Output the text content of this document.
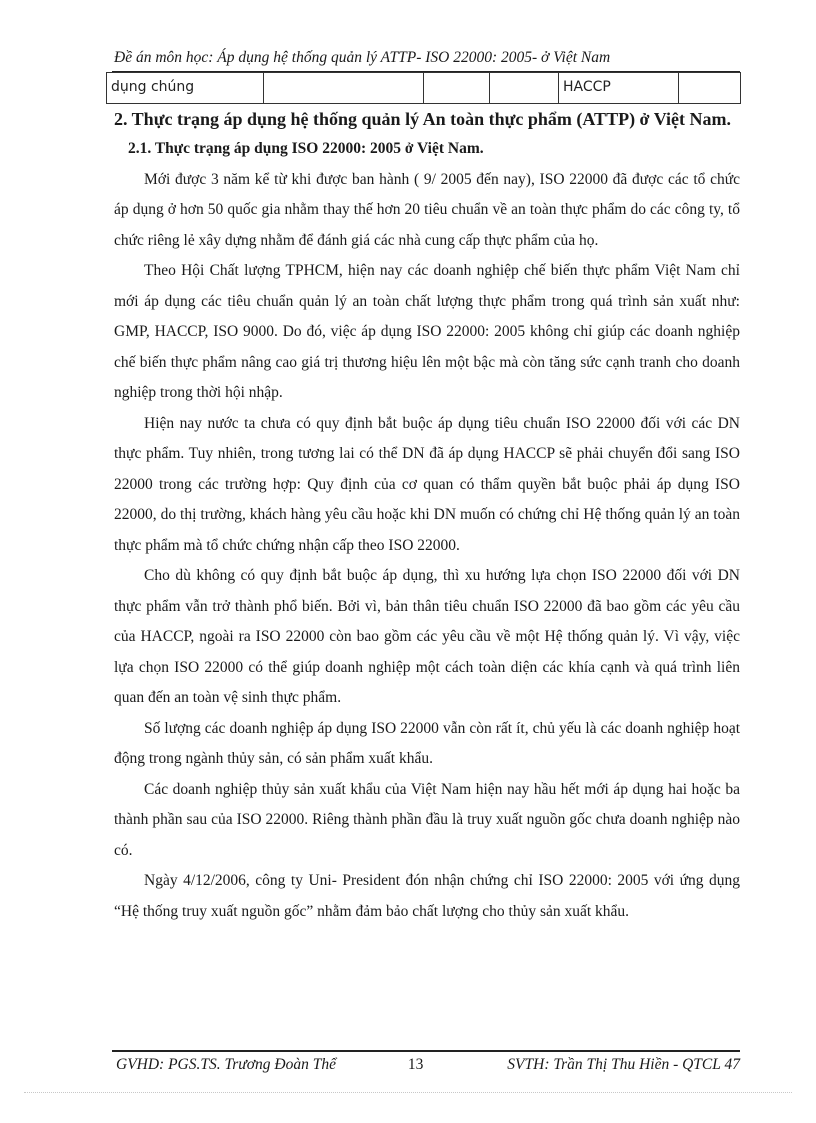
Đề án môn học: Áp dụng hệ thống quản lý ATTP- ISO 22000: 2005- ở Việt Nam
dụng chúng				HACCP	
2. Thực trạng áp dụng hệ thống quản lý An toàn thực phẩm (ATTP) ở Việt Nam.
2.1. Thực trạng áp dụng ISO 22000: 2005 ở Việt Nam.

Mới được 3 năm kể từ khi được ban hành ( 9/ 2005 đến nay), ISO 22000 đã được các tổ chức áp dụng ở hơn 50 quốc gia nhằm thay thế hơn 20 tiêu chuẩn về an toàn thực phẩm do các công ty, tổ chức riêng lẻ xây dựng nhằm để đánh giá các nhà cung cấp thực phẩm của họ.

Theo Hội Chất lượng TPHCM, hiện nay các doanh nghiệp chế biến thực phẩm Việt Nam chỉ mới áp dụng các tiêu chuẩn quản lý an toàn chất lượng thực phẩm trong quá trình sản xuất như: GMP, HACCP, ISO 9000. Do đó, việc áp dụng ISO 22000: 2005 không chỉ giúp các doanh nghiệp chế biến thực phẩm nâng cao giá trị thương hiệu lên một bậc mà còn tăng sức cạnh tranh cho doanh nghiệp trong thời hội nhập.

Hiện nay nước ta chưa có quy định bắt buộc áp dụng tiêu chuẩn ISO 22000 đối với các DN thực phẩm. Tuy nhiên, trong tương lai có thể DN đã áp dụng HACCP sẽ phải chuyển đổi sang ISO 22000 trong các trường hợp: Quy định của cơ quan có thẩm quyền bắt buộc phải áp dụng ISO 22000, do thị trường, khách hàng yêu cầu hoặc khi DN muốn có chứng chỉ Hệ thống quản lý an toàn thực phẩm mà tổ chức chứng nhận cấp theo ISO 22000.

Cho dù không có quy định bắt buộc áp dụng, thì xu hướng lựa chọn ISO 22000 đối với DN thực phẩm vẫn trở thành phổ biến. Bởi vì, bản thân tiêu chuẩn ISO 22000 đã bao gồm các yêu cầu của HACCP, ngoài ra ISO 22000 còn bao gồm các yêu cầu về một Hệ thống quản lý. Vì vậy, việc lựa chọn ISO 22000 có thể giúp doanh nghiệp một cách toàn diện các khía cạnh và quá trình liên quan đến an toàn vệ sinh thực phẩm.

Số lượng các doanh nghiệp áp dụng ISO 22000 vẫn còn rất ít, chủ yếu là các doanh nghiệp hoạt động trong ngành thủy sản, có sản phẩm xuất khẩu.

Các doanh nghiệp thủy sản xuất khẩu của Việt Nam hiện nay hầu hết mới áp dụng hai hoặc ba thành phần sau của ISO 22000. Riêng thành phần đầu là truy xuất nguồn gốc chưa doanh nghiệp nào có.

Ngày 4/12/2006, công ty Uni- President đón nhận chứng chỉ ISO 22000: 2005 với ứng dụng “Hệ thống truy xuất nguồn gốc” nhằm đảm bảo chất lượng cho thủy sản xuất khẩu.

GVHD: PGS.TS. Trương Đoàn Thể	13	SVTH: Trần Thị Thu Hiền - QTCL 47
